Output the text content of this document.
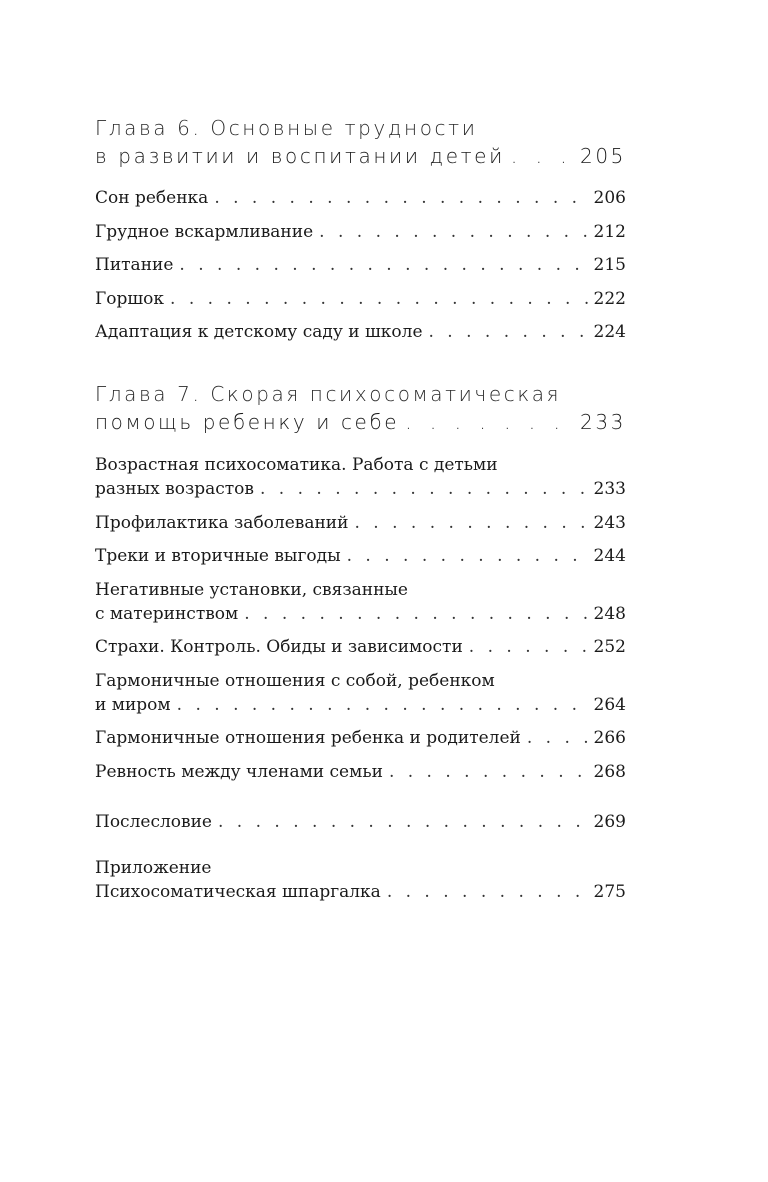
Глава 6. Основные трудности
в развитии и воспитании детей . . .	205
Сон ребенка . . .	206
Грудное вскармливание . . .	212
Питание . . .	215
Горшок . . .	222
Адаптация к детскому саду и школе . . .	224
Глава 7. Скорая психосоматическая
помощь ребенку и себе . . .	233
Возрастная психосоматика. Работа с детьми
разных возрастов . . .	233
Профилактика заболеваний . . .	243
Треки и вторичные выгоды . . .	244
Негативные установки, связанные
с материнством . . .	248
Страхи. Контроль. Обиды и зависимости . . .	252
Гармоничные отношения с собой, ребенком
и миром . . .	264
Гармоничные отношения ребенка и родителей . . .	266
Ревность между членами семьи . . .	268
Послесловие . . .	269
Приложение
Психосоматическая шпаргалка . . .	275
